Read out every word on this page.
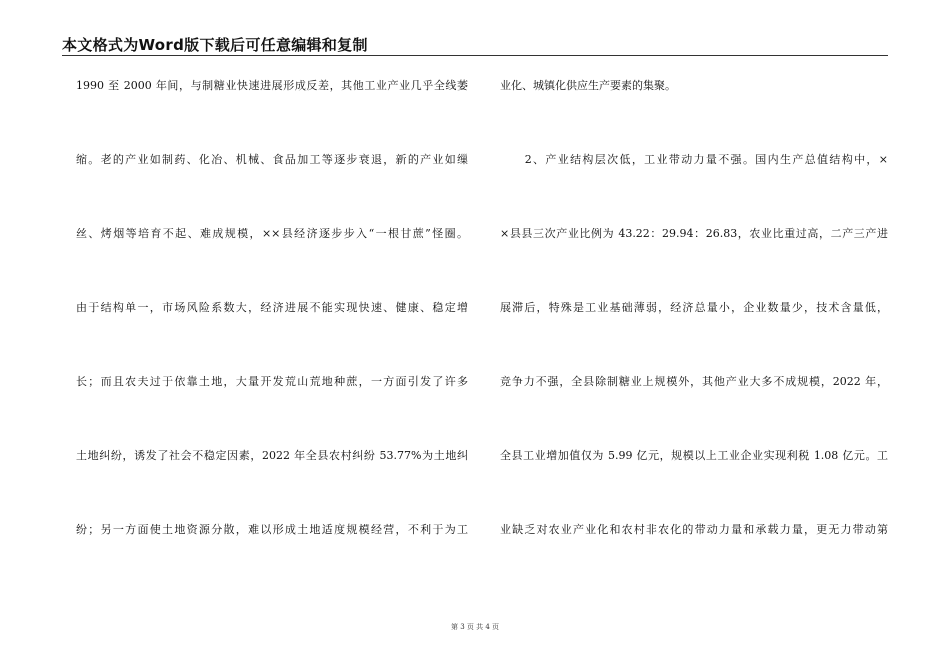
本文格式为Word版下载后可任意编辑和复制
1990 至 2000 年间，与制糖业快速进展形成反差，其他工业产业几乎全线萎
缩。老的产业如制药、化冶、机械、食品加工等逐步衰退，新的产业如缫
丝、烤烟等培育不起、难成规模，××县经济逐步步入“一根甘蔗”怪圈。
由于结构单一，市场风险系数大，经济进展不能实现快速、健康、稳定增
长；而且农夫过于依靠土地，大量开发荒山荒地种蔗，一方面引发了许多
土地纠纷，诱发了社会不稳定因素，2022 年全县农村纠纷 53.77%为土地纠
纷；另一方面使土地资源分散，难以形成土地适度规模经营，不利于为工
业化、城镇化供应生产要素的集聚。
　　2、产业结构层次低，工业带动力量不强。国内生产总值结构中，×
×县县三次产业比例为 43.22：29.94：26.83，农业比重过高，二产三产进
展滞后，特殊是工业基础薄弱，经济总量小，企业数量少，技术含量低，
竞争力不强，全县除制糖业上规模外，其他产业大多不成规模，2022 年，
全县工业增加值仅为 5.99 亿元，规模以上工业企业实现利税 1.08 亿元。工
业缺乏对农业产业化和农村非农化的带动力量和承载力量，更无力带动第
第 3 页 共 4 页
